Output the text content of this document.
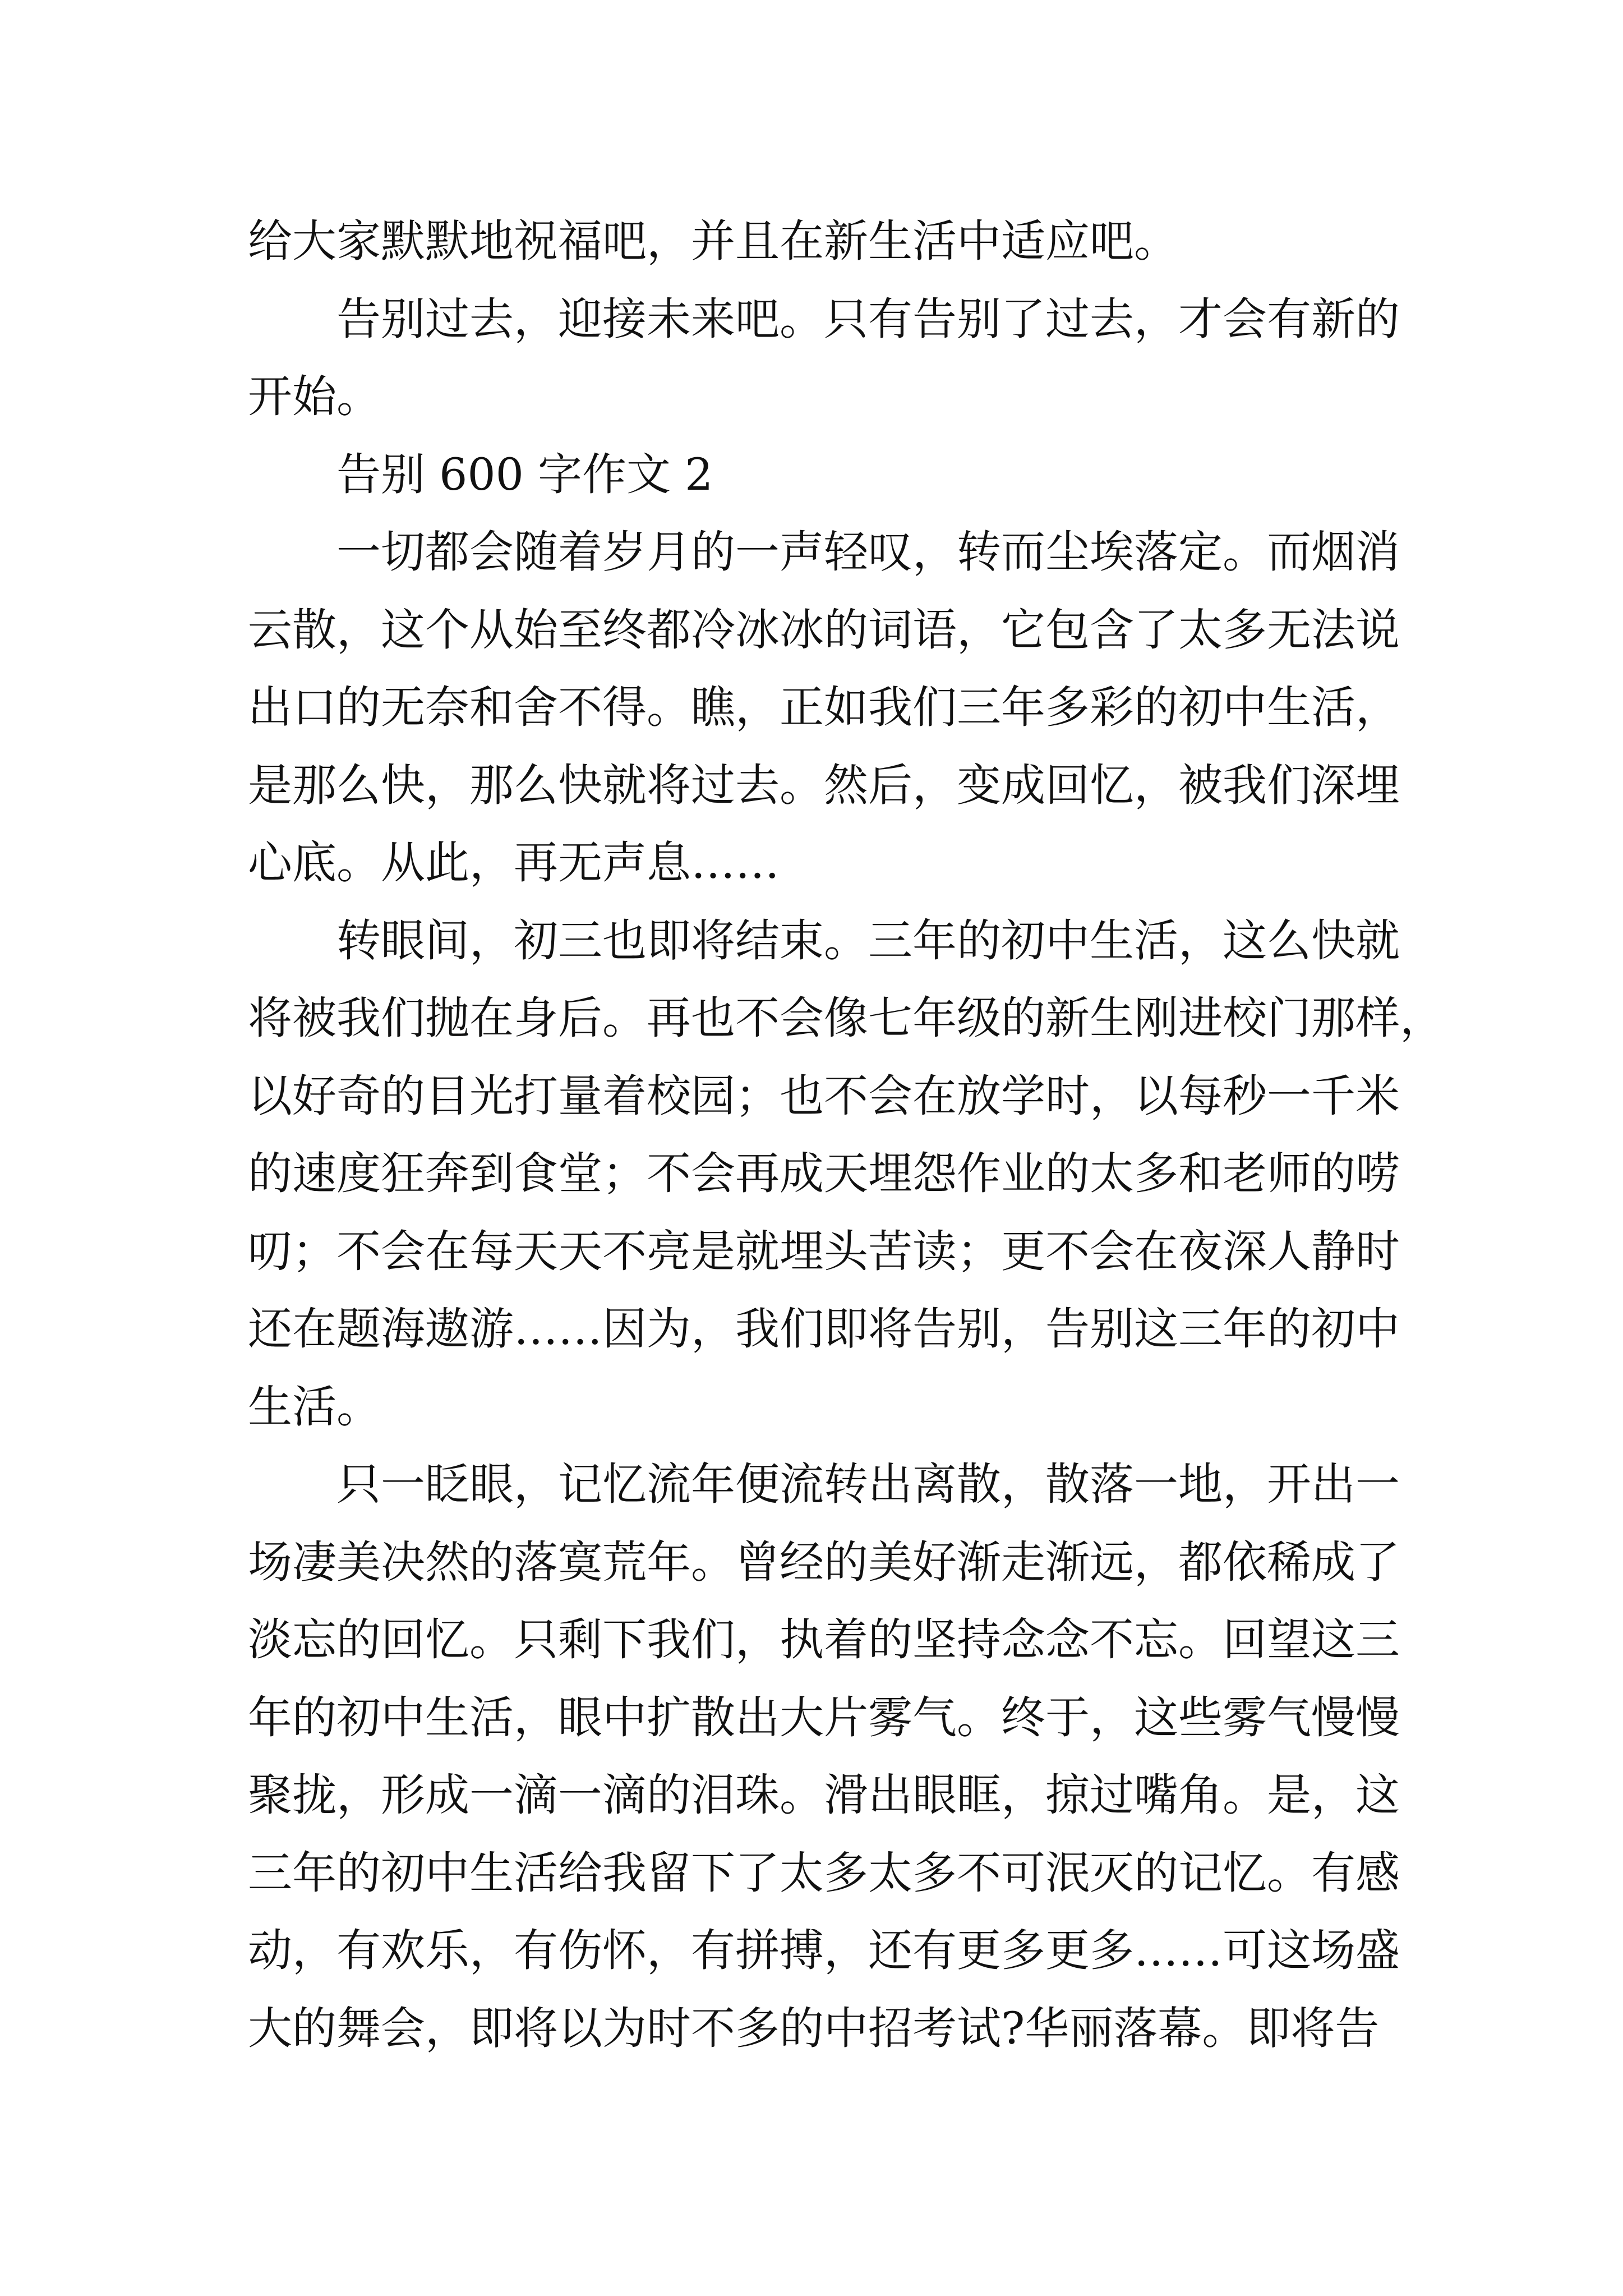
给大家默默地祝福吧，并且在新生活中适应吧。
　　告别过去，迎接未来吧。只有告别了过去，才会有新的
开始。
　　告别 600 字作文 2
　　一切都会随着岁月的一声轻叹，转而尘埃落定。而烟消
云散，这个从始至终都冷冰冰的词语，它包含了太多无法说
出口的无奈和舍不得。瞧，正如我们三年多彩的初中生活，
是那么快，那么快就将过去。然后，变成回忆，被我们深埋
心底。从此，再无声息……
　　转眼间，初三也即将结束。三年的初中生活，这么快就
将被我们抛在身后。再也不会像七年级的新生刚进校门那样，
以好奇的目光打量着校园；也不会在放学时，以每秒一千米
的速度狂奔到食堂；不会再成天埋怨作业的太多和老师的唠
叨；不会在每天天不亮是就埋头苦读；更不会在夜深人静时
还在题海遨游……因为，我们即将告别，告别这三年的初中
生活。
　　只一眨眼，记忆流年便流转出离散，散落一地，开出一
场凄美决然的落寞荒年。曾经的美好渐走渐远，都依稀成了
淡忘的回忆。只剩下我们，执着的坚持念念不忘。回望这三
年的初中生活，眼中扩散出大片雾气。终于，这些雾气慢慢
聚拢，形成一滴一滴的泪珠。滑出眼眶，掠过嘴角。是，这
三年的初中生活给我留下了太多太多不可泯灭的记忆。有感
动，有欢乐，有伤怀，有拼搏，还有更多更多……可这场盛
大的舞会，即将以为时不多的中招考试?华丽落幕。即将告
